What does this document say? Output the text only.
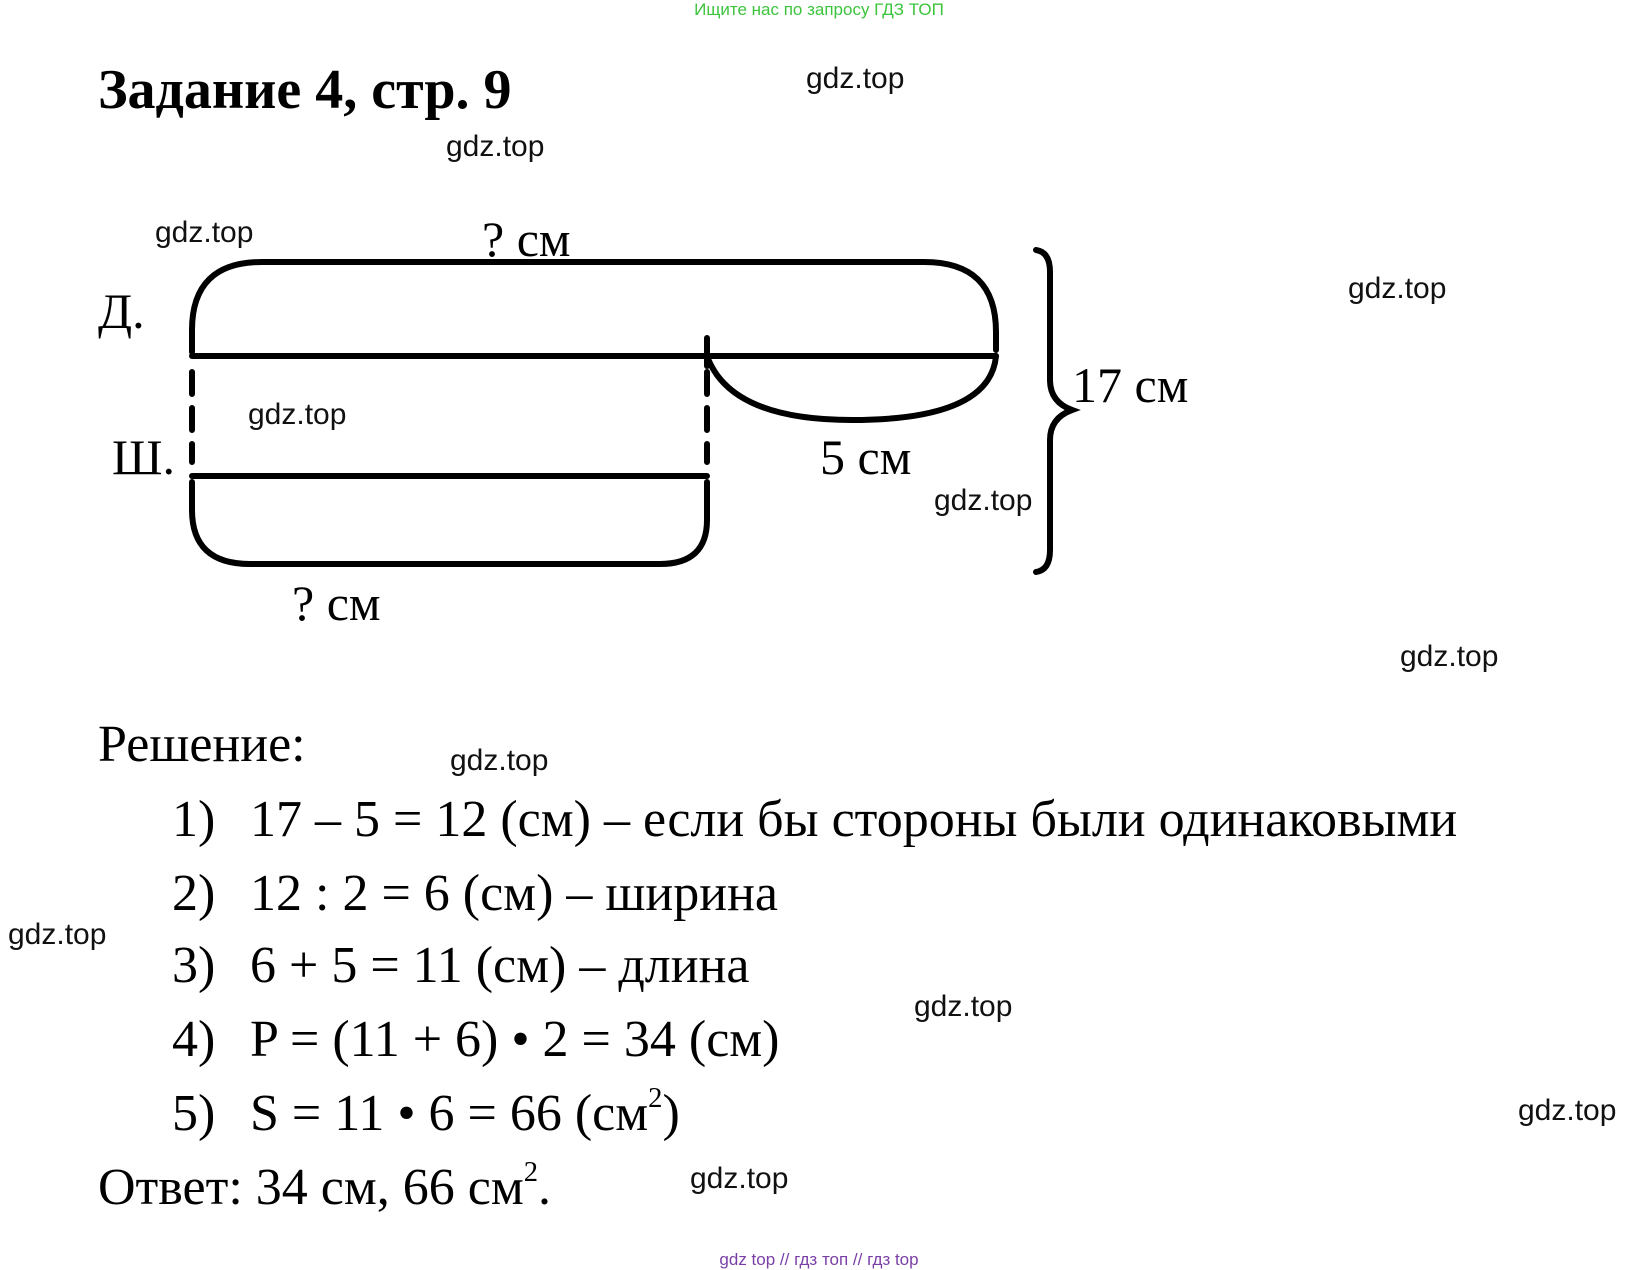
Ищите нас по запросу ГДЗ ТОП
gdz top // гдз топ // гдз top
Задание 4, стр. 9
Д.
Ш.
? см
? см
5 см
17 см
Решение:
1) 17 – 5 = 12 (см) – если бы стороны были одинаковыми
2) 12 : 2 = 6 (см) – ширина
3) 6 + 5 = 11 (см) – длина
4) P = (11 + 6) • 2 = 34 (см)
5) S = 11 • 6 = 66 $(см^2)$
Ответ: 34 см, 66 $см^2$.
gdz.top
gdz.top
gdz.top
gdz.top
gdz.top
gdz.top
gdz.top
gdz.top
gdz.top
gdz.top
gdz.top
gdz.top
